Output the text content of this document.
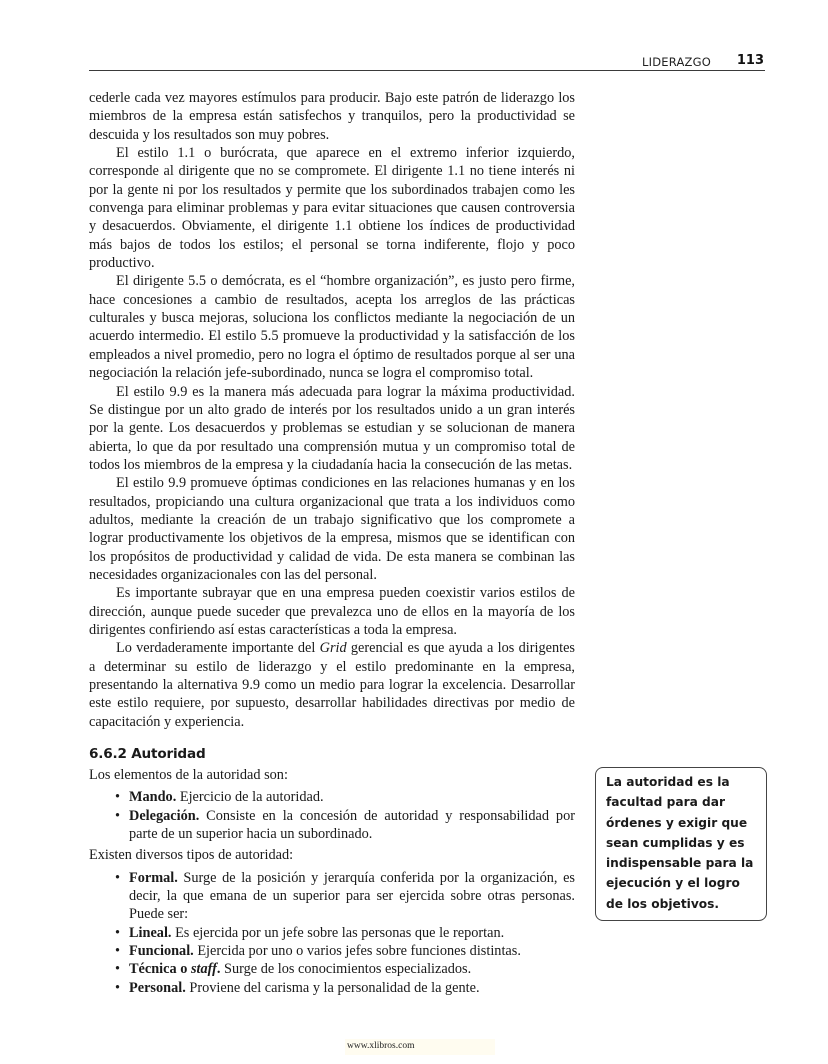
LIDERAZGO 113

cederle cada vez mayores estímulos para producir. Bajo este patrón de liderazgo los miembros de la empresa están satisfechos y tranquilos, pero la productividad se descuida y los resultados son muy pobres.

El estilo 1.1 o burócrata, que aparece en el extremo inferior izquierdo, corresponde al dirigente que no se compromete. El dirigente 1.1 no tiene interés ni por la gente ni por los resultados y permite que los subordinados trabajen como les convenga para eliminar problemas y para evitar situaciones que causen controversia y desacuerdos. Obviamente, el dirigente 1.1 obtiene los índices de productividad más bajos de todos los estilos; el personal se torna indiferente, flojo y poco productivo.

El dirigente 5.5 o demócrata, es el “hombre organización”, es justo pero firme, hace concesiones a cambio de resultados, acepta los arreglos de las prácticas culturales y busca mejoras, soluciona los conflictos mediante la negociación de un acuerdo intermedio. El estilo 5.5 promueve la productividad y la satisfacción de los empleados a nivel promedio, pero no logra el óptimo de resultados porque al ser una negociación la relación jefe-subordinado, nunca se logra el compromiso total.

El estilo 9.9 es la manera más adecuada para lograr la máxima productividad. Se distingue por un alto grado de interés por los resultados unido a un gran interés por la gente. Los desacuerdos y problemas se estudian y se solucionan de manera abierta, lo que da por resultado una comprensión mutua y un compromiso total de todos los miembros de la empresa y la ciudadanía hacia la consecución de las metas.

El estilo 9.9 promueve óptimas condiciones en las relaciones humanas y en los resultados, propiciando una cultura organizacional que trata a los individuos como adultos, mediante la creación de un trabajo significativo que los compromete a lograr productivamente los objetivos de la empresa, mismos que se identifican con los propósitos de productividad y calidad de vida. De esta manera se combinan las necesidades organizacionales con las del personal.

Es importante subrayar que en una empresa pueden coexistir varios estilos de dirección, aunque puede suceder que prevalezca uno de ellos en la mayoría de los dirigentes confiriendo así estas características a toda la empresa.

Lo verdaderamente importante del Grid gerencial es que ayuda a los dirigentes a determinar su estilo de liderazgo y el estilo predominante en la empresa, presentando la alternativa 9.9 como un medio para lograr la excelencia. Desarrollar este estilo requiere, por supuesto, desarrollar habilidades directivas por medio de capacitación y experiencia.

6.6.2 Autoridad

Los elementos de la autoridad son:

• Mando. Ejercicio de la autoridad.
• Delegación. Consiste en la concesión de autoridad y responsabilidad por parte de un superior hacia un subordinado.

Existen diversos tipos de autoridad:

• Formal. Surge de la posición y jerarquía conferida por la organización, es decir, la que emana de un superior para ser ejercida sobre otras personas. Puede ser:
• Lineal. Es ejercida por un jefe sobre las personas que le reportan.
• Funcional. Ejercida por uno o varios jefes sobre funciones distintas.
• Técnica o staff. Surge de los conocimientos especializados.
• Personal. Proviene del carisma y la personalidad de la gente.
La autoridad es la facultad para dar órdenes y exigir que sean cumplidas y es indispensable para la ejecución y el logro de los objetivos.
www.xlibros.com
